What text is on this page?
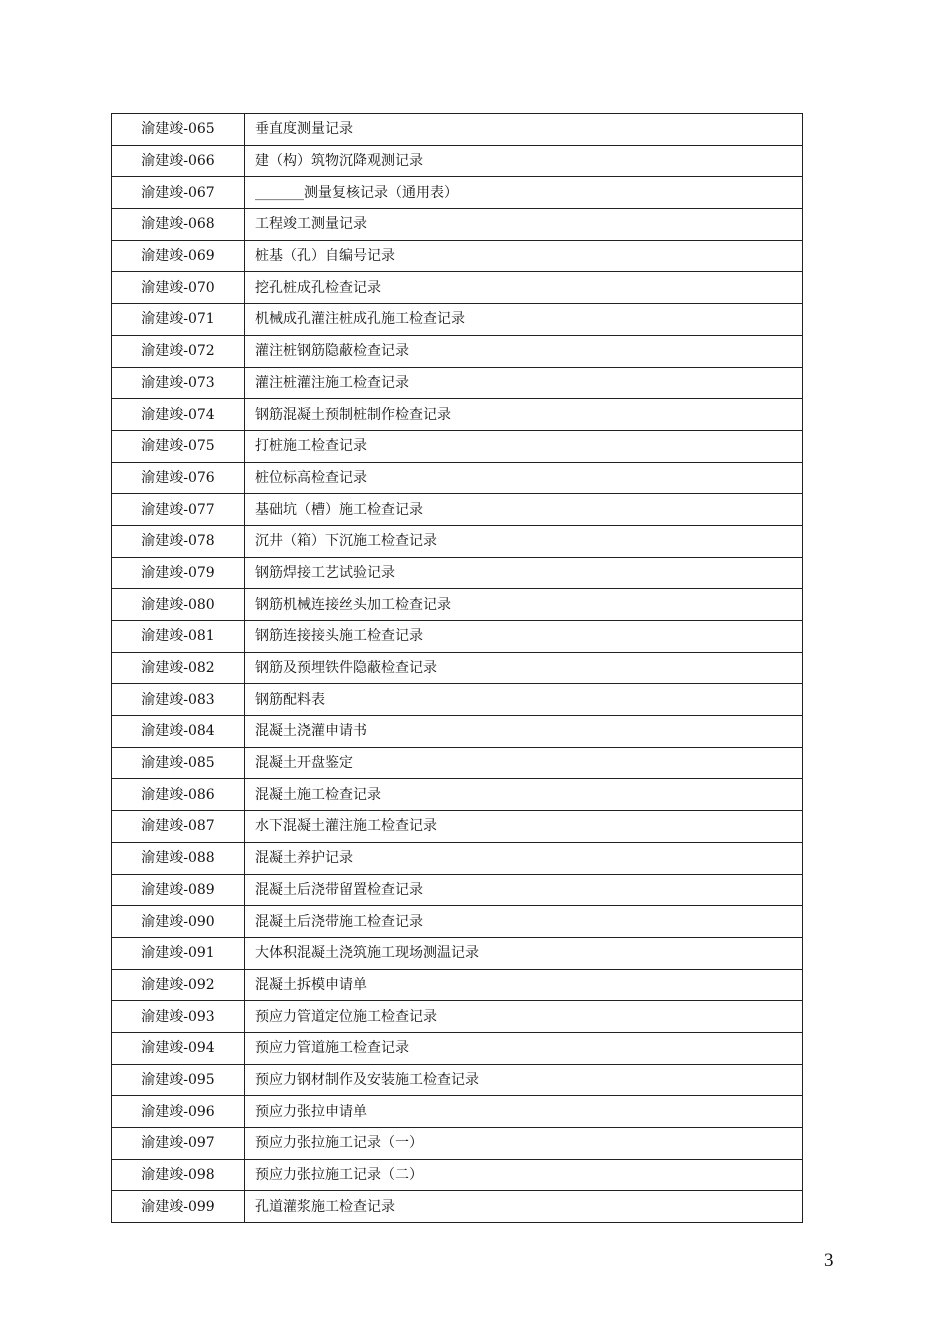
渝建竣-065	垂直度测量记录
渝建竣-066	建（构）筑物沉降观测记录
渝建竣-067	_______测量复核记录（通用表）
渝建竣-068	工程竣工测量记录
渝建竣-069	桩基（孔）自编号记录
渝建竣-070	挖孔桩成孔检查记录
渝建竣-071	机械成孔灌注桩成孔施工检查记录
渝建竣-072	灌注桩钢筋隐蔽检查记录
渝建竣-073	灌注桩灌注施工检查记录
渝建竣-074	钢筋混凝土预制桩制作检查记录
渝建竣-075	打桩施工检查记录
渝建竣-076	桩位标高检查记录
渝建竣-077	基础坑（槽）施工检查记录
渝建竣-078	沉井（箱）下沉施工检查记录
渝建竣-079	钢筋焊接工艺试验记录
渝建竣-080	钢筋机械连接丝头加工检查记录
渝建竣-081	钢筋连接接头施工检查记录
渝建竣-082	钢筋及预埋铁件隐蔽检查记录
渝建竣-083	钢筋配料表
渝建竣-084	混凝土浇灌申请书
渝建竣-085	混凝土开盘鉴定
渝建竣-086	混凝土施工检查记录
渝建竣-087	水下混凝土灌注施工检查记录
渝建竣-088	混凝土养护记录
渝建竣-089	混凝土后浇带留置检查记录
渝建竣-090	混凝土后浇带施工检查记录
渝建竣-091	大体积混凝土浇筑施工现场测温记录
渝建竣-092	混凝土拆模申请单
渝建竣-093	预应力管道定位施工检查记录
渝建竣-094	预应力管道施工检查记录
渝建竣-095	预应力钢材制作及安装施工检查记录
渝建竣-096	预应力张拉申请单
渝建竣-097	预应力张拉施工记录（一）
渝建竣-098	预应力张拉施工记录（二）
渝建竣-099	孔道灌浆施工检查记录
3
